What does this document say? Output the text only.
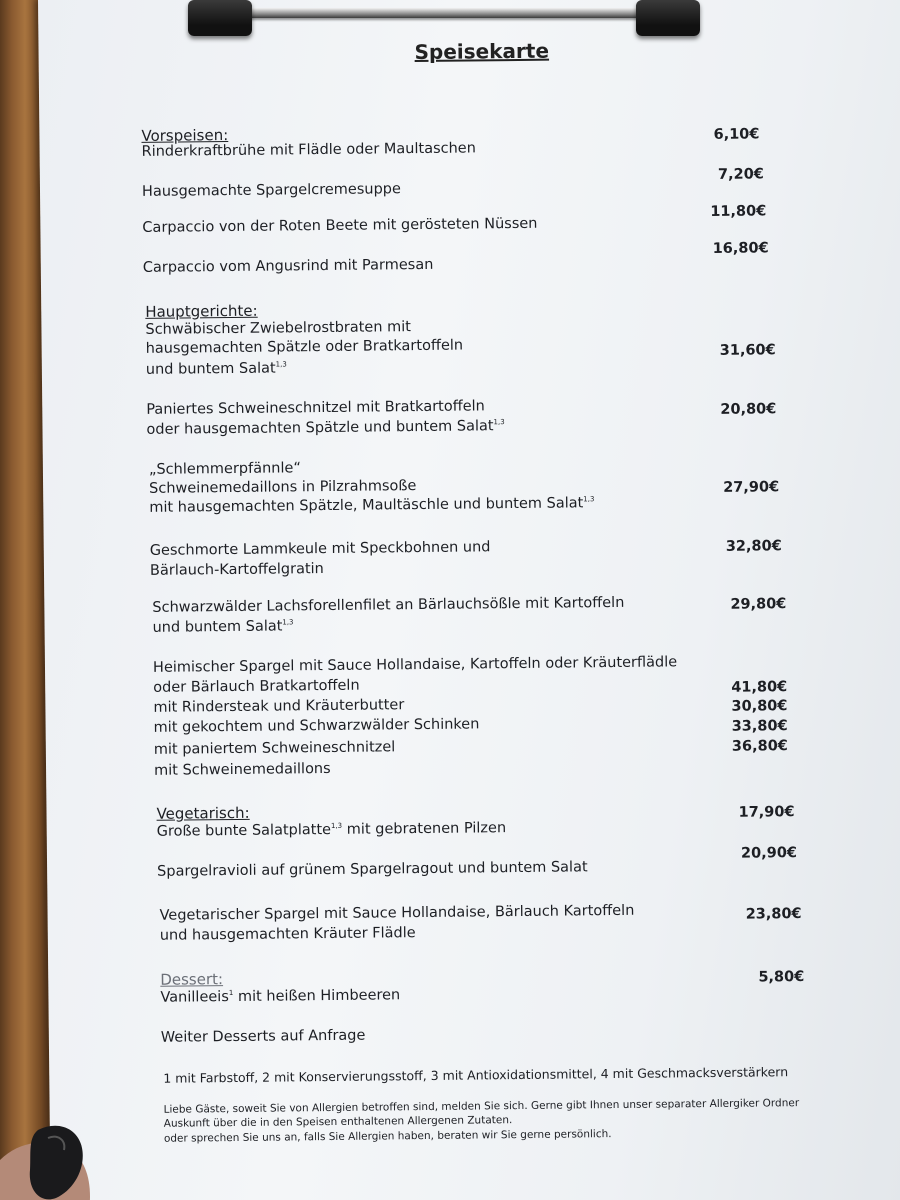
Speisekarte
Vorspeisen:
Rinderkraftbrühe mit Flädle oder Maultaschen
6,10€
Hausgemachte Spargelcremesuppe
7,20€
Carpaccio von der Roten Beete mit gerösteten Nüssen
11,80€
Carpaccio vom Angusrind mit Parmesan
16,80€
Hauptgerichte:
Schwäbischer Zwiebelrostbraten mit
hausgemachten Spätzle oder Bratkartoffeln
und buntem Salat$^{1,3}$
31,60€
Paniertes Schweineschnitzel mit Bratkartoffeln
oder hausgemachten Spätzle und buntem Salat$^{1,3}$
20,80€
„Schlemmerpfännle“
Schweinemedaillons in Pilzrahmsoße
mit hausgemachten Spätzle, Maultäschle und buntem Salat$^{1,3}$
27,90€
Geschmorte Lammkeule mit Speckbohnen und
Bärlauch-Kartoffelgratin
32,80€
Schwarzwälder Lachsforellenfilet an Bärlauchsößle mit Kartoffeln
und buntem Salat$^{1,3}$
29,80€
Heimischer Spargel mit Sauce Hollandaise, Kartoffeln oder Kräuterflädle
oder Bärlauch Bratkartoffeln
mit Rindersteak und Kräuterbutter
mit gekochtem und Schwarzwälder Schinken
mit paniertem Schweineschnitzel
mit Schweinemedaillons
41,80€
30,80€
33,80€
36,80€
Vegetarisch:
Große bunte Salatplatte$^{1,3}$ mit gebratenen Pilzen
17,90€
Spargelravioli auf grünem Spargelragout und buntem Salat
20,90€
Vegetarischer Spargel mit Sauce Hollandaise, Bärlauch Kartoffeln
und hausgemachten Kräuter Flädle
23,80€
Dessert:
Vanilleeis$^1$ mit heißen Himbeeren
5,80€
Weiter Desserts auf Anfrage
1 mit Farbstoff, 2 mit Konservierungsstoff, 3 mit Antioxidationsmittel, 4 mit Geschmacksverstärkern
Liebe Gäste, soweit Sie von Allergien betroffen sind, melden Sie sich. Gerne gibt Ihnen unser separater Allergiker Ordner
Auskunft über die in den Speisen enthaltenen Allergenen Zutaten.
oder sprechen Sie uns an, falls Sie Allergien haben, beraten wir Sie gerne persönlich.
